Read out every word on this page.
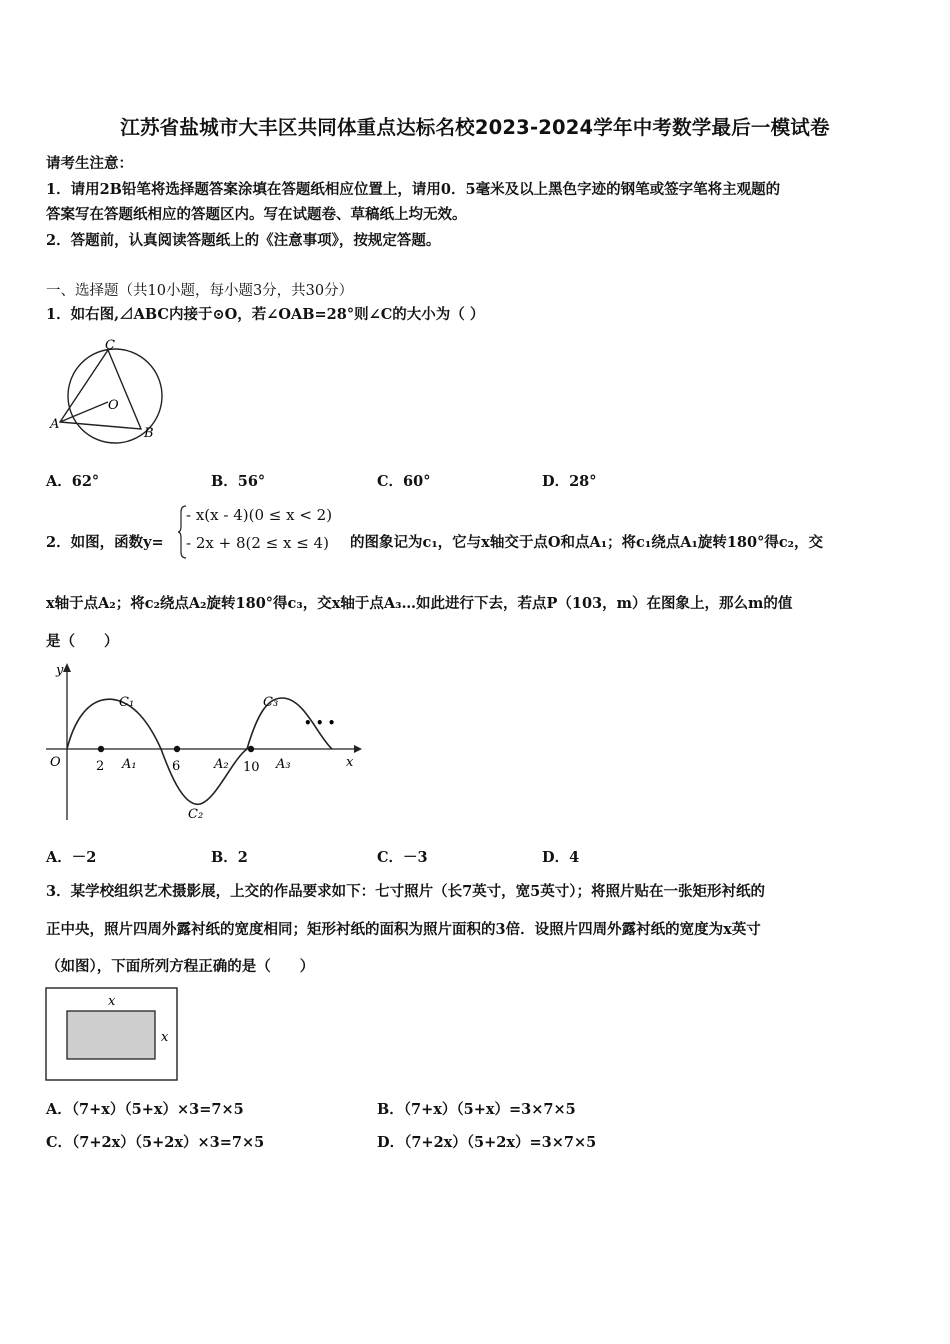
江苏省盐城市大丰区共同体重点达标名校2023-2024学年中考数学最后一模试卷
请考生注意：
1．请用2B铅笔将选择题答案涂填在答题纸相应位置上，请用0．5毫米及以上黑色字迹的钢笔或签字笔将主观题的
答案写在答题纸相应的答题区内。写在试题卷、草稿纸上均无效。
2．答题前，认真阅读答题纸上的《注意事项》，按规定答题。
一、选择题（共10小题，每小题3分，共30分）
1．如右图,⊿ABC内接于⊙O，若∠OAB=28°则∠C的大小为（ ）
C
O
A
B
A．62°	B．56°	C．60°	D．28°
2．如图，函数y=
- x(x - 4)(0 ≤ x < 2)
- 2x + 8(2 ≤ x ≤ 4) 的图象记为c₁，它与x轴交于点O和点A₁；将c₁绕点A₁旋转180°得c₂，交
x轴于点A₂；将c₂绕点A₂旋转180°得c₃，交x轴于点A₃…如此进行下去，若点P（103，m）在图象上，那么m的值
是（　　）
y
x
O
C₁
C₂
C₃
2 A₁	6	A₂ 10 A₃
• • •
A．－2	B．2	C．－3	D．4
3．某学校组织艺术摄影展，上交的作品要求如下：七寸照片（长7英寸，宽5英寸）；将照片贴在一张矩形衬纸的
正中央，照片四周外露衬纸的宽度相同；矩形衬纸的面积为照片面积的3倍．设照片四周外露衬纸的宽度为x英寸
（如图），下面所列方程正确的是（　　）
x
x
A．（7+x）（5+x）×3=7×5	B．（7+x）（5+x）=3×7×5
C．（7+2x）（5+2x）×3=7×5	D．（7+2x）（5+2x）=3×7×5
